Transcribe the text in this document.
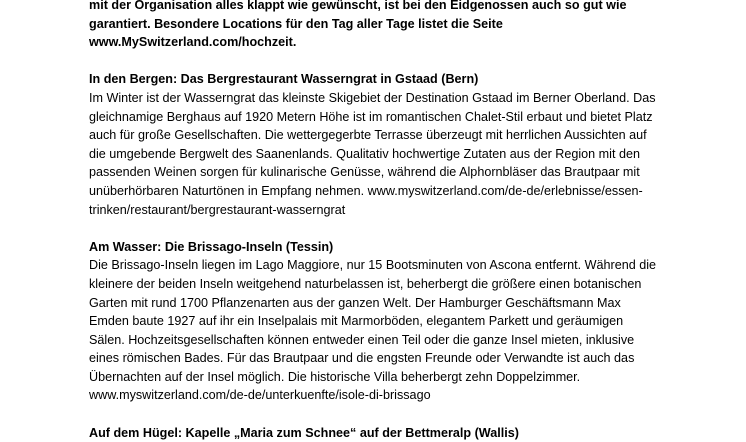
mit der Organisation alles klappt wie gewünscht, ist bei den Eidgenossen auch so gut wie
garantiert. Besondere Locations für den Tag aller Tage listet die Seite
www.MySwitzerland.com/hochzeit.
In den Bergen: Das Bergrestaurant Wasserngrat in Gstaad (Bern)
Im Winter ist der Wasserngrat das kleinste Skigebiet der Destination Gstaad im Berner Oberland. Das
gleichnamige Berghaus auf 1920 Metern Höhe ist im romantischen Chalet-Stil erbaut und bietet Platz
auch für große Gesellschaften. Die wettergegerbte Terrasse überzeugt mit herrlichen Aussichten auf
die umgebende Bergwelt des Saanenlands. Qualitativ hochwertige Zutaten aus der Region mit den
passenden Weinen sorgen für kulinarische Genüsse, während die Alphornbläser das Brautpaar mit
unüberhörbaren Naturtönen in Empfang nehmen. www.myswitzerland.com/de-de/erlebnisse/essen-
trinken/restaurant/bergrestaurant-wasserngrat
Am Wasser: Die Brissago-Inseln (Tessin)
Die Brissago-Inseln liegen im Lago Maggiore, nur 15 Bootsminuten von Ascona entfernt. Während die
kleinere der beiden Inseln weitgehend naturbelassen ist, beherbergt die größere einen botanischen
Garten mit rund 1700 Pflanzenarten aus der ganzen Welt. Der Hamburger Geschäftsmann Max
Emden baute 1927 auf ihr ein Inselpalais mit Marmorböden, elegantem Parkett und geräumigen
Sälen. Hochzeitsgesellschaften können entweder einen Teil oder die ganze Insel mieten, inklusive
eines römischen Bades. Für das Brautpaar und die engsten Freunde oder Verwandte ist auch das
Übernachten auf der Insel möglich. Die historische Villa beherbergt zehn Doppelzimmer.
www.myswitzerland.com/de-de/unterkuenfte/isole-di-brissago
Auf dem Hügel: Kapelle „Maria zum Schnee“ auf der Bettmeralp (Wallis)
